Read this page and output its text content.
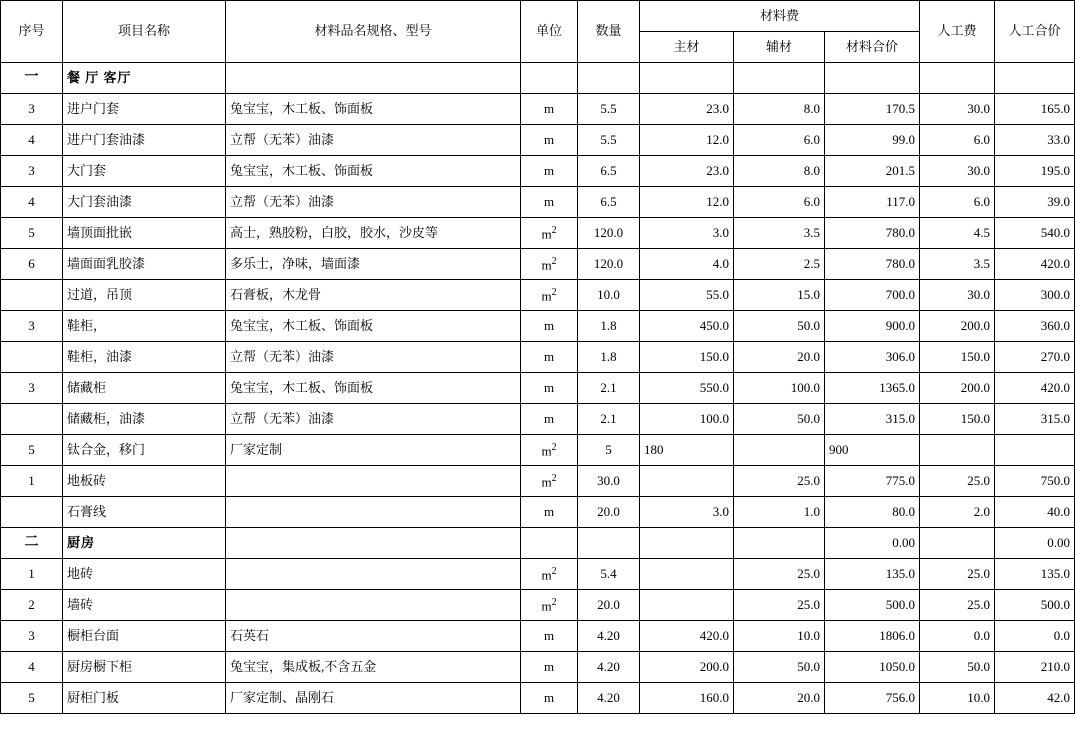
序号	项目名称	材料品名规格、型号	单位	数量	材料费			人工费	人工合价
					主材	辅材	材料合价		
一	餐 厅 客厅								
3	进户门套	兔宝宝，木工板、饰面板	m	5.5	23.0	8.0	170.5	30.0	165.0
4	进户门套油漆	立帮（无苯）油漆	m	5.5	12.0	6.0	99.0	6.0	33.0
3	大门套	兔宝宝，木工板、饰面板	m	6.5	23.0	8.0	201.5	30.0	195.0
4	大门套油漆	立帮（无苯）油漆	m	6.5	12.0	6.0	117.0	6.0	39.0
5	墙顶面批嵌	高士，熟胶粉，白胶，胶水，沙皮等	$m^2$	120.0	3.0	3.5	780.0	4.5	540.0
6	墙面面乳胶漆	多乐士，净味，墙面漆	$m^2$	120.0	4.0	2.5	780.0	3.5	420.0
	过道，吊顶	石膏板，木龙骨	$m^2$	10.0	55.0	15.0	700.0	30.0	300.0
3	鞋柜，	兔宝宝，木工板、饰面板	m	1.8	450.0	50.0	900.0	200.0	360.0
	鞋柜，油漆	立帮（无苯）油漆	m	1.8	150.0	20.0	306.0	150.0	270.0
3	储藏柜	兔宝宝，木工板、饰面板	m	2.1	550.0	100.0	1365.0	200.0	420.0
	储藏柜，油漆	立帮（无苯）油漆	m	2.1	100.0	50.0	315.0	150.0	315.0
5	钛合金，移门	厂家定制	$m^2$	5	180		900		
1	地板砖		$m^2$	30.0		25.0	775.0	25.0	750.0
	石膏线		m	20.0	3.0	1.0	80.0	2.0	40.0
二	厨房						0.00		0.00
1	地砖		$m^2$	5.4		25.0	135.0	25.0	135.0
2	墙砖		$m^2$	20.0		25.0	500.0	25.0	500.0
3	橱柜台面	石英石	m	4.20	420.0	10.0	1806.0	0.0	0.0
4	厨房橱下柜	兔宝宝，集成板,不含五金	m	4.20	200.0	50.0	1050.0	50.0	210.0
5	厨柜门板	厂家定制、晶刚石	m	4.20	160.0	20.0	756.0	10.0	42.0
